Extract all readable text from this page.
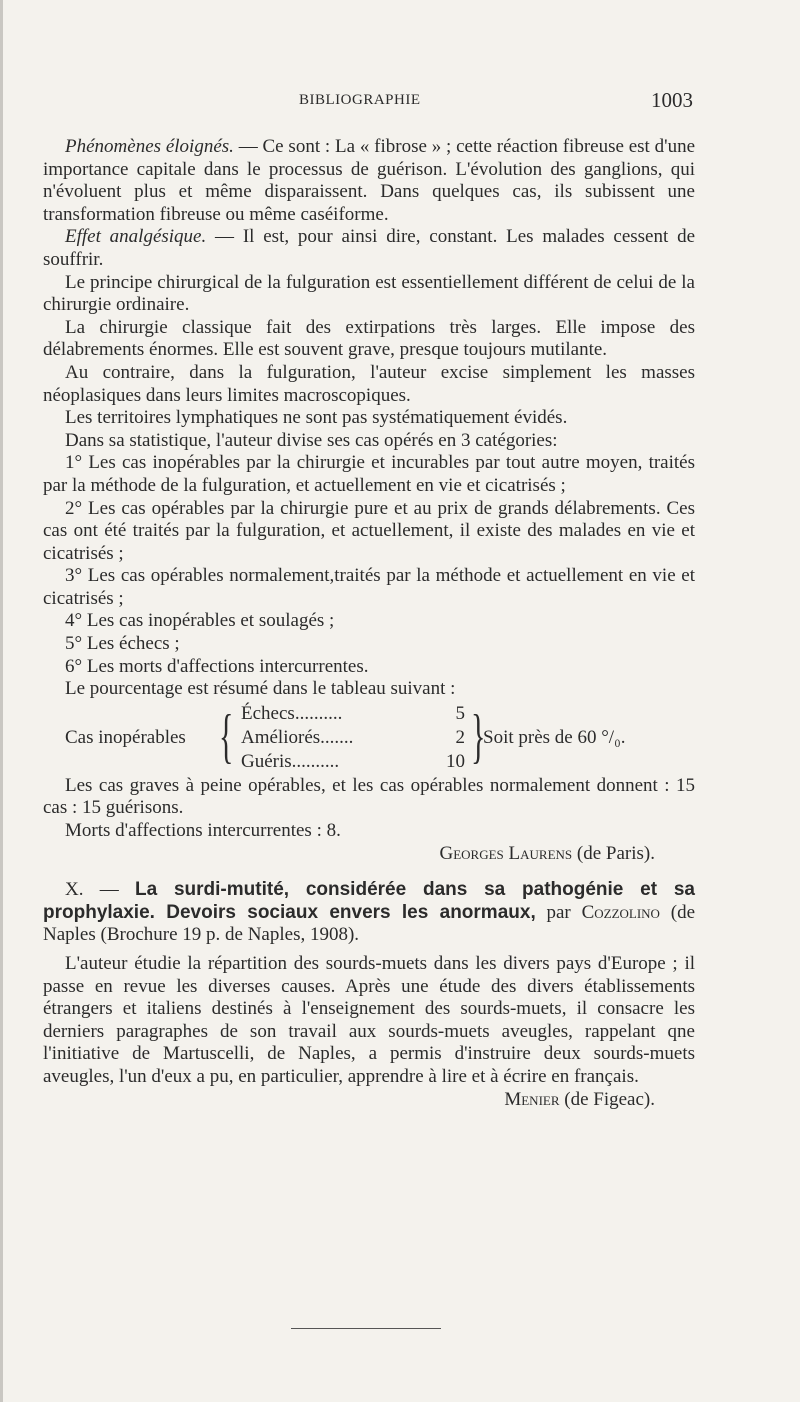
BIBLIOGRAPHIE	1003

Phénomènes éloignés. — Ce sont : La « fibrose » ; cette réaction fibreuse est d'une importance capitale dans le processus de guérison. L'évolution des ganglions, qui n'évoluent plus et même disparaissent. Dans quelques cas, ils subissent une transformation fibreuse ou même caséiforme.

Effet analgésique. — Il est, pour ainsi dire, constant. Les malades cessent de souffrir.

Le principe chirurgical de la fulguration est essentiellement différent de celui de la chirurgie ordinaire.

La chirurgie classique fait des extirpations très larges. Elle impose des délabrements énormes. Elle est souvent grave, presque toujours mutilante.

Au contraire, dans la fulguration, l'auteur excise simplement les masses néoplasiques dans leurs limites macroscopiques.

Les territoires lymphatiques ne sont pas systématiquement évidés.

Dans sa statistique, l'auteur divise ses cas opérés en 3 catégories:

1° Les cas inopérables par la chirurgie et incurables par tout autre moyen, traités par la méthode de la fulguration, et actuellement en vie et cicatrisés ;

2° Les cas opérables par la chirurgie pure et au prix de grands délabrements. Ces cas ont été traités par la fulguration, et actuellement, il existe des malades en vie et cicatrisés ;

3° Les cas opérables normalement,traités par la méthode et actuellement en vie et cicatrisés ;

4° Les cas inopérables et soulagés ;

5° Les échecs ;

6° Les morts d'affections intercurrentes.

Le pourcentage est résumé dans le tableau suivant :

Cas inopérables { Échecs..........	5
Améliorés.......	2
Guéris..........	10 }
Soit près de 60 °/₀.

Les cas graves à peine opérables, et les cas opérables normalement donnent : 15 cas : 15 guérisons.

Morts d'affections intercurrentes : 8.

Georges Laurens (de Paris).

X. — La surdi-mutité, considérée dans sa pathogénie et sa prophylaxie. Devoirs sociaux envers les anormaux, par Cozzolino (de Naples (Brochure 19 p. de Naples, 1908).

L'auteur étudie la répartition des sourds-muets dans les divers pays d'Europe ; il passe en revue les diverses causes. Après une étude des divers établissements étrangers et italiens destinés à l'enseignement des sourds-muets, il consacre les derniers paragraphes de son travail aux sourds-muets aveugles, rappelant qne l'initiative de Martuscelli, de Naples, a permis d'instruire deux sourds-muets aveugles, l'un d'eux a pu, en particulier, apprendre à lire et à écrire en français.

Menier (de Figeac).
